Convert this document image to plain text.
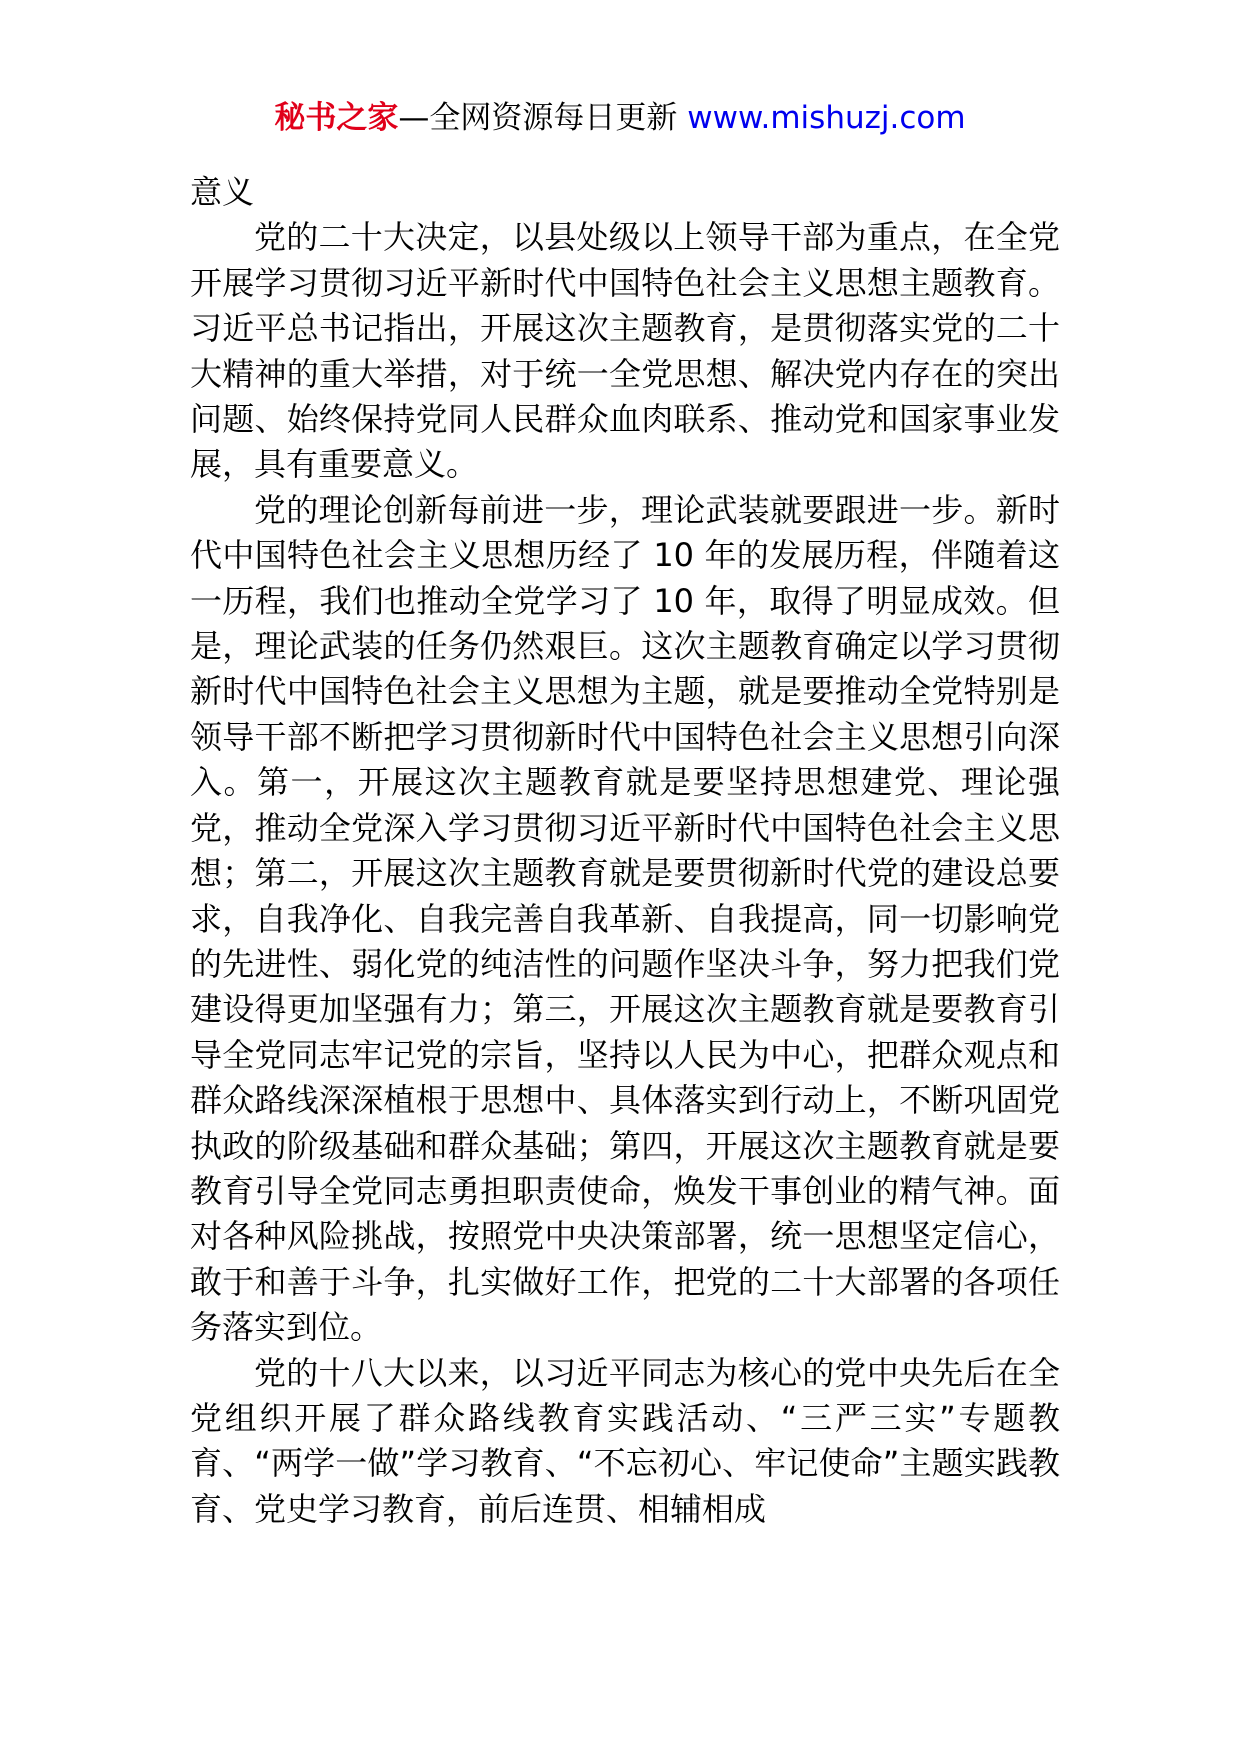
秘书之家—全网资源每日更新 www.mishuzj.com

意义

党的二十大决定，以县处级以上领导干部为重点，在全党开展学习贯彻习近平新时代中国特色社会主义思想主题教育。习近平总书记指出，开展这次主题教育，是贯彻落实党的二十大精神的重大举措，对于统一全党思想、解决党内存在的突出问题、始终保持党同人民群众血肉联系、推动党和国家事业发展，具有重要意义。

党的理论创新每前进一步，理论武装就要跟进一步。新时代中国特色社会主义思想历经了 10 年的发展历程，伴随着这一历程，我们也推动全党学习了 10 年，取得了明显成效。但是，理论武装的任务仍然艰巨。这次主题教育确定以学习贯彻新时代中国特色社会主义思想为主题，就是要推动全党特别是领导干部不断把学习贯彻新时代中国特色社会主义思想引向深入。第一，开展这次主题教育就是要坚持思想建党、理论强党，推动全党深入学习贯彻习近平新时代中国特色社会主义思想；第二，开展这次主题教育就是要贯彻新时代党的建设总要求，自我净化、自我完善自我革新、自我提高，同一切影响党的先进性、弱化党的纯洁性的问题作坚决斗争，努力把我们党建设得更加坚强有力；第三，开展这次主题教育就是要教育引导全党同志牢记党的宗旨，坚持以人民为中心，把群众观点和群众路线深深植根于思想中、具体落实到行动上，不断巩固党执政的阶级基础和群众基础；第四，开展这次主题教育就是要教育引导全党同志勇担职责使命，焕发干事创业的精气神。面对各种风险挑战，按照党中央决策部署，统一思想坚定信心，敢于和善于斗争，扎实做好工作，把党的二十大部署的各项任务落实到位。

党的十八大以来，以习近平同志为核心的党中央先后在全党组织开展了群众路线教育实践活动、“三严三实”专题教育、“两学一做”学习教育、“不忘初心、牢记使命”主题实践教育、党史学习教育，前后连贯、相辅相成
